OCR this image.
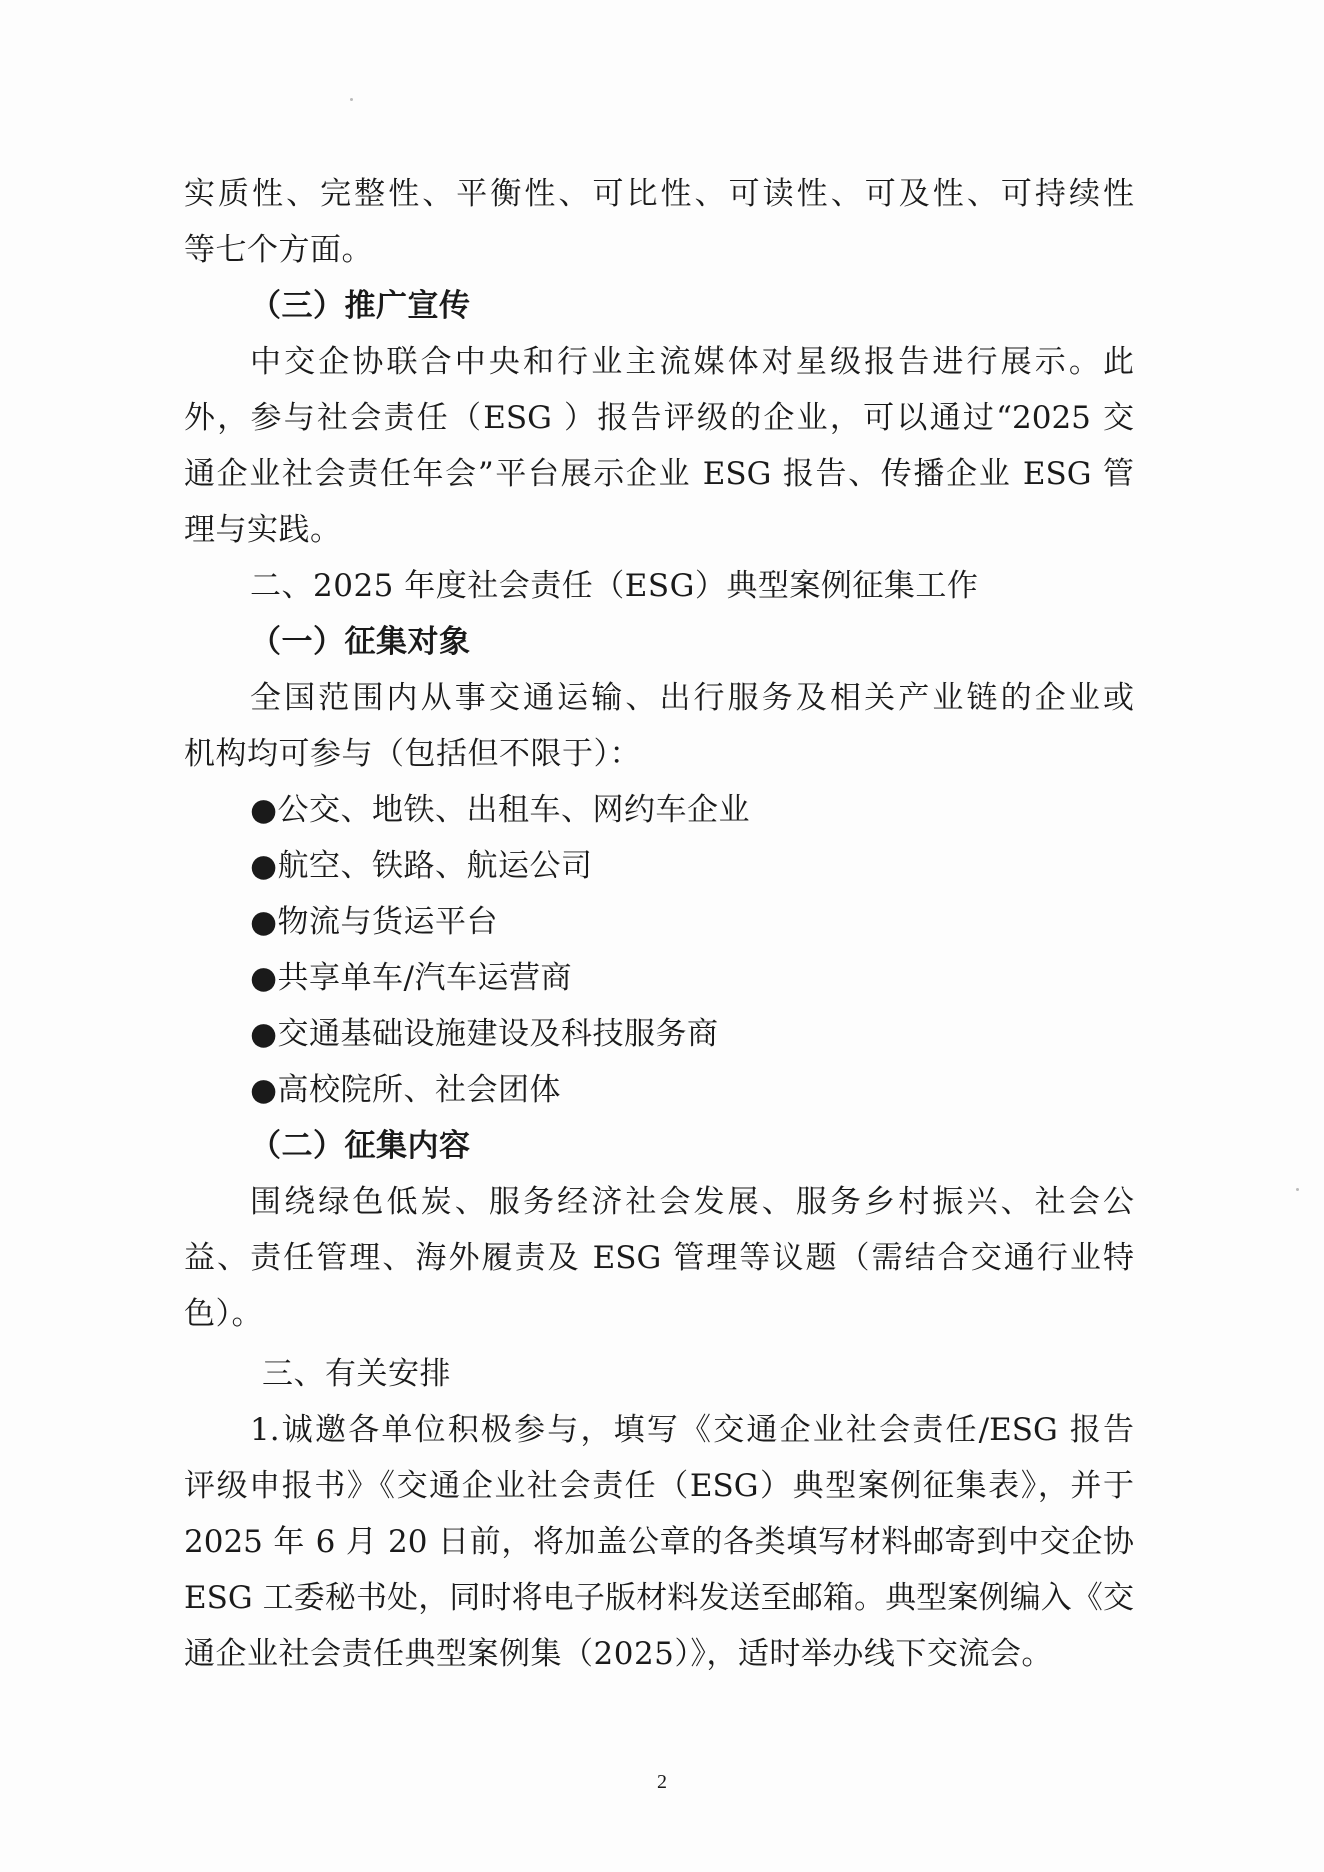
实质性、完整性、平衡性、可比性、可读性、可及性、可持续性
等七个方面。
（三）推广宣传
中交企协联合中央和行业主流媒体对星级报告进行展示。此
外，参与社会责任（ESG ）报告评级的企业，可以通过“2025 交
通企业社会责任年会”平台展示企业 ESG 报告、传播企业 ESG 管
理与实践。
二、2025 年度社会责任（ESG）典型案例征集工作
（一）征集对象
全国范围内从事交通运输、出行服务及相关产业链的企业或
机构均可参与（包括但不限于）：
●公交、地铁、出租车、网约车企业
●航空、铁路、航运公司
●物流与货运平台
●共享单车/汽车运营商
●交通基础设施建设及科技服务商
●高校院所、社会团体
（二）征集内容
围绕绿色低炭、服务经济社会发展、服务乡村振兴、社会公
益、责任管理、海外履责及 ESG 管理等议题（需结合交通行业特
色）。
三、有关安排
1.诚邀各单位积极参与，填写《交通企业社会责任/ESG 报告
评级申报书》《交通企业社会责任（ESG）典型案例征集表》，并于
2025 年 6 月 20 日前，将加盖公章的各类填写材料邮寄到中交企协
ESG 工委秘书处，同时将电子版材料发送至邮箱。典型案例编入《交
通企业社会责任典型案例集（2025）》，适时举办线下交流会。
2
